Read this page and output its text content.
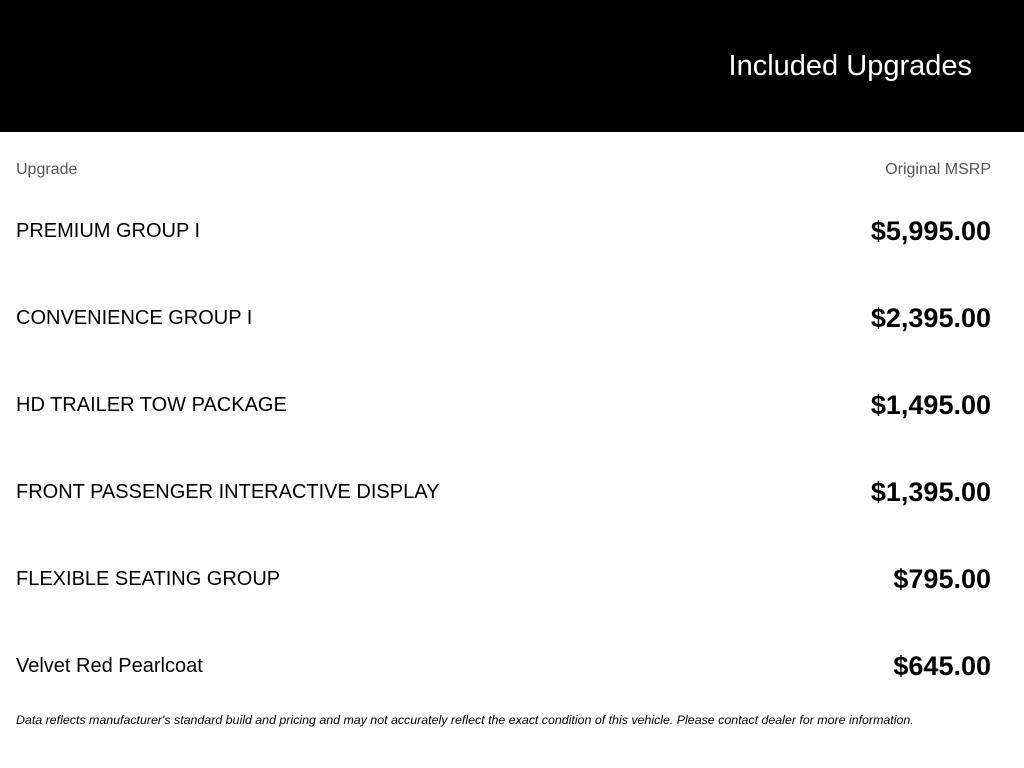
Included Upgrades
Upgrade	Original MSRP
PREMIUM GROUP I	$5,995.00
CONVENIENCE GROUP I	$2,395.00
HD TRAILER TOW PACKAGE	$1,495.00
FRONT PASSENGER INTERACTIVE DISPLAY	$1,395.00
FLEXIBLE SEATING GROUP	$795.00
Velvet Red Pearlcoat	$645.00
Data reflects manufacturer's standard build and pricing and may not accurately reflect the exact condition of this vehicle. Please contact dealer for more information.
